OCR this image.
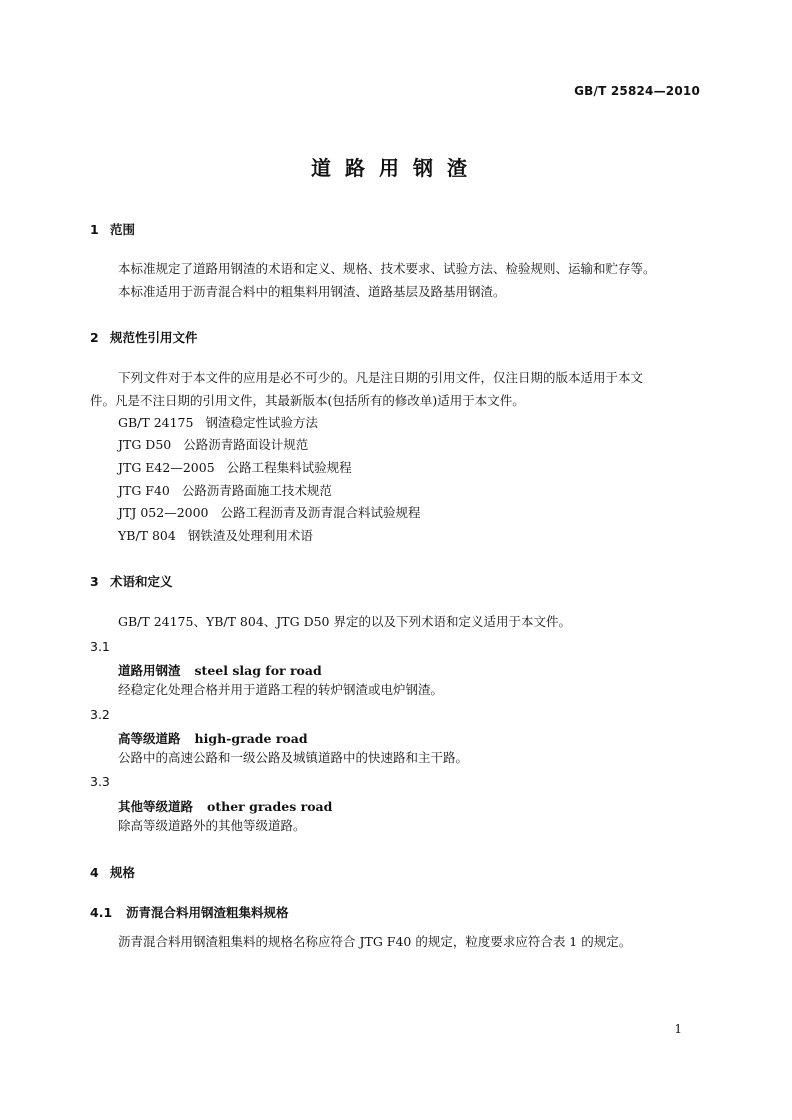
GB/T 25824—2010
道路用钢渣
1 范围
本标准规定了道路用钢渣的术语和定义、规格、技术要求、试验方法、检验规则、运输和贮存等。
本标准适用于沥青混合料中的粗集料用钢渣、道路基层及路基用钢渣。
2 规范性引用文件
下列文件对于本文件的应用是必不可少的。凡是注日期的引用文件，仅注日期的版本适用于本文
件。凡是不注日期的引用文件，其最新版本(包括所有的修改单)适用于本文件。
GB/T 24175 钢渣稳定性试验方法
JTG D50 公路沥青路面设计规范
JTG E42—2005 公路工程集料试验规程
JTG F40 公路沥青路面施工技术规范
JTJ 052—2000 公路工程沥青及沥青混合料试验规程
YB/T 804 钢铁渣及处理利用术语
3 术语和定义
GB/T 24175、YB/T 804、JTG D50 界定的以及下列术语和定义适用于本文件。
3.1
道路用钢渣 steel slag for road
经稳定化处理合格并用于道路工程的转炉钢渣或电炉钢渣。
3.2
高等级道路 high-grade road
公路中的高速公路和一级公路及城镇道路中的快速路和主干路。
3.3
其他等级道路 other grades road
除高等级道路外的其他等级道路。
4 规格
4.1 沥青混合料用钢渣粗集料规格
沥青混合料用钢渣粗集料的规格名称应符合 JTG F40 的规定，粒度要求应符合表 1 的规定。
1
